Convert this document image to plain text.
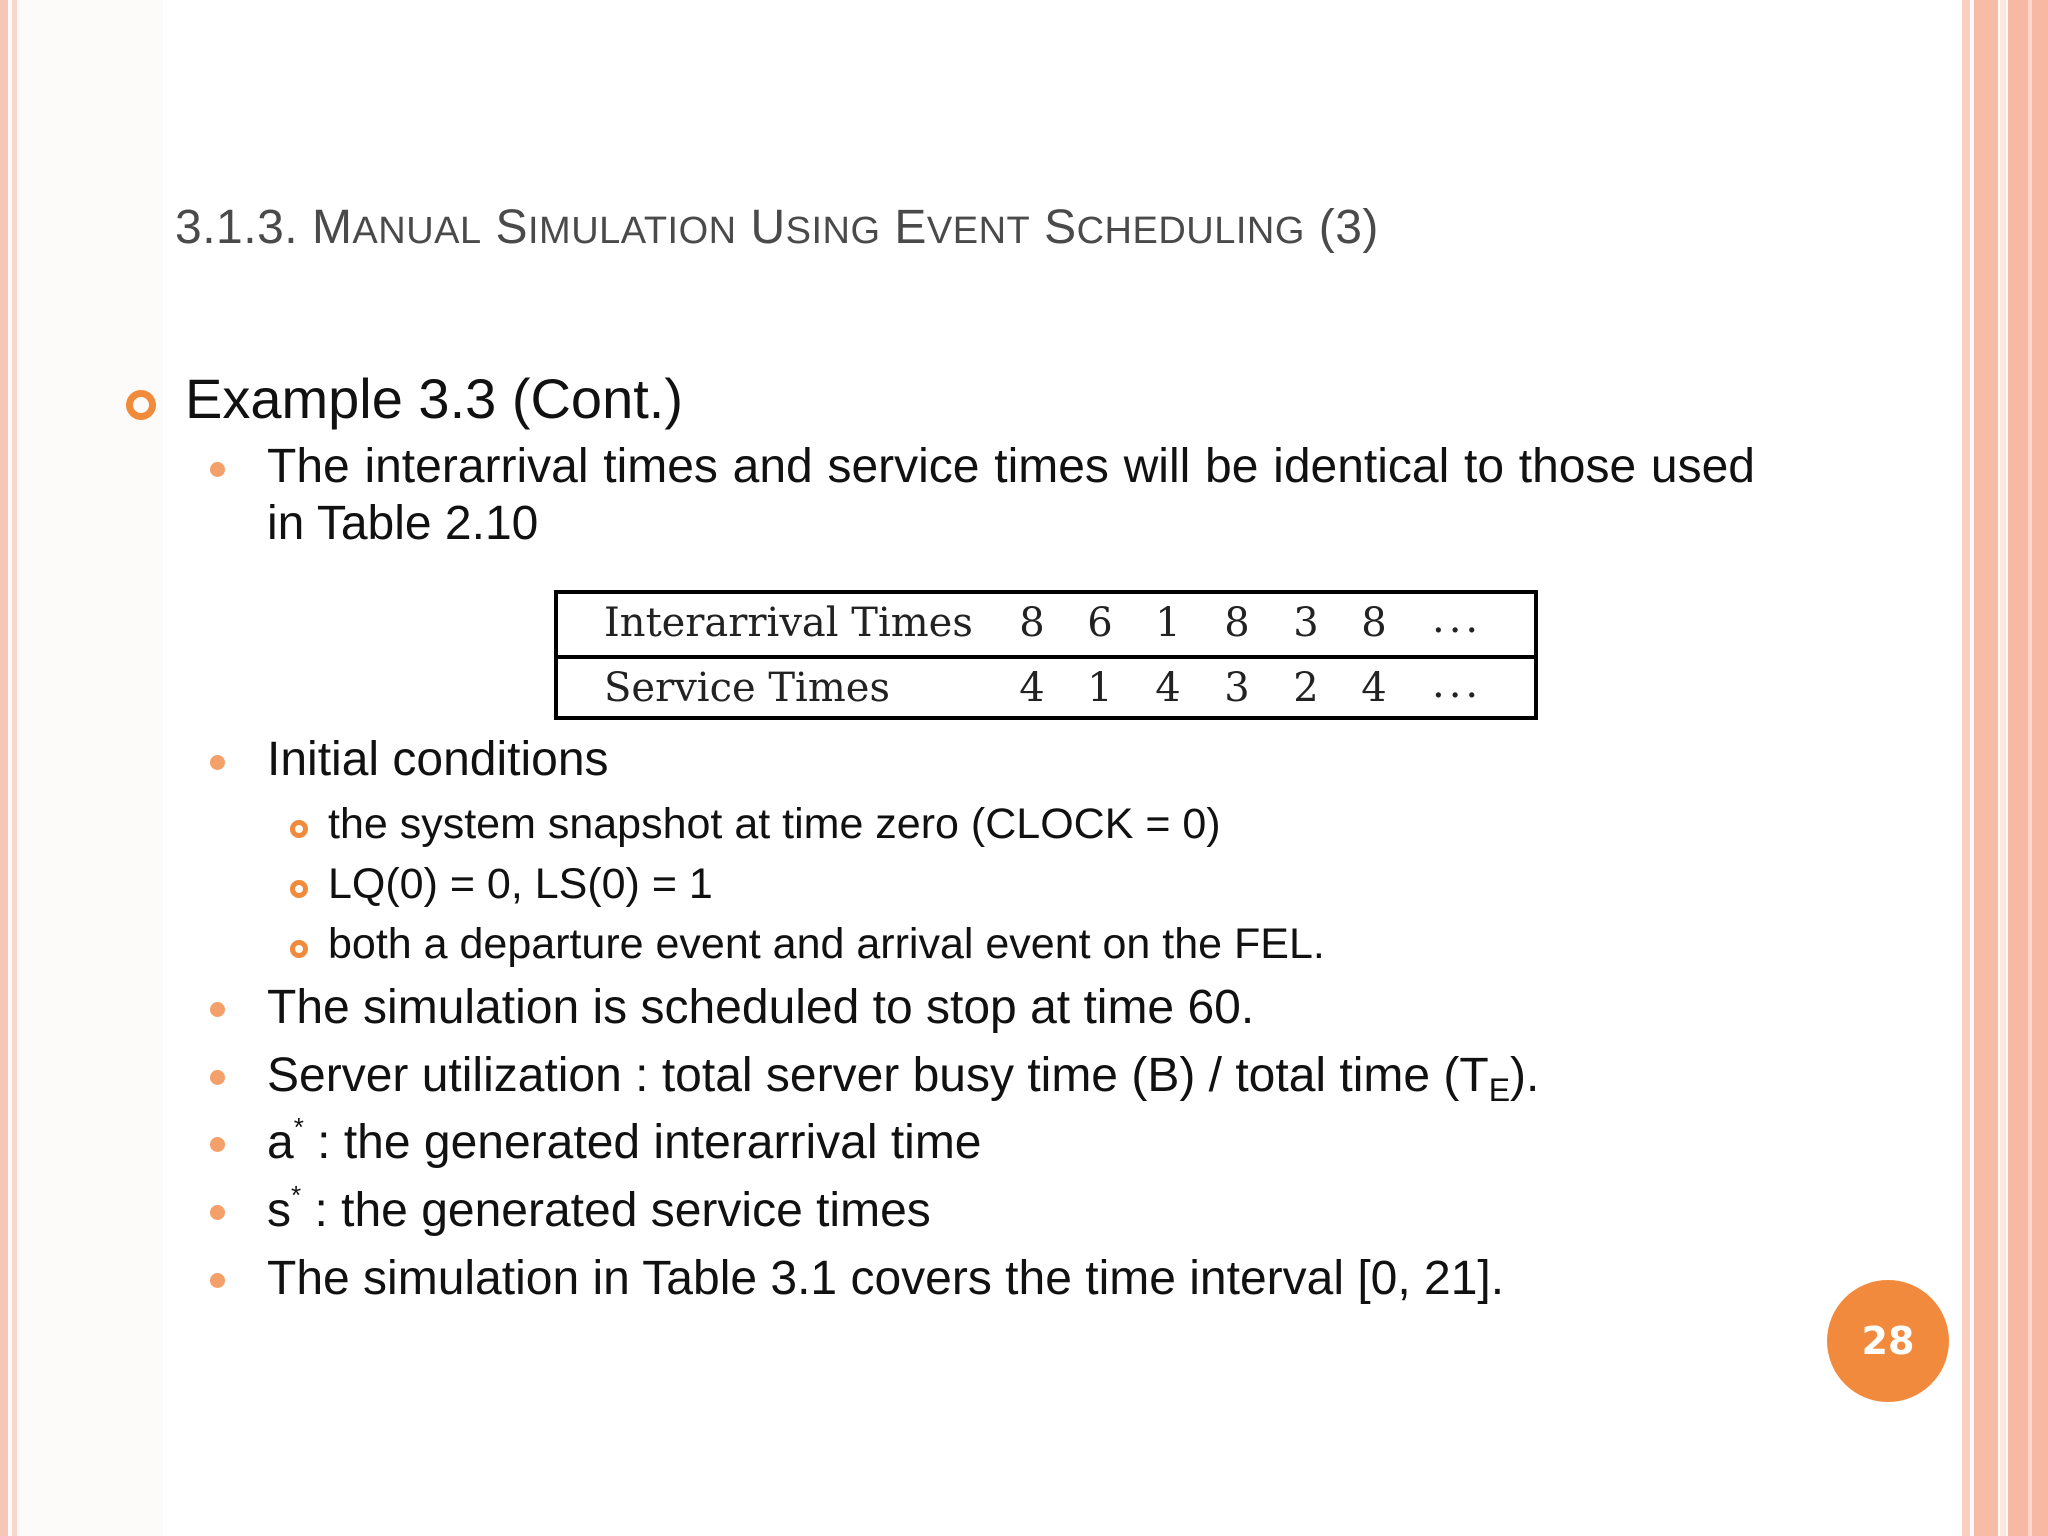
3.1.3. MANUAL SIMULATION USING EVENT SCHEDULING (3)
Example 3.3 (Cont.)
The interarrival times and service times will be identical to those used in Table 2.10
Interarrival Times 8 6 1 8 3 8 ...
Service Times	4 1 4 3 2 4 ...
Initial conditions
the system snapshot at time zero (CLOCK = 0)
LQ(0) = 0, LS(0) = 1
both a departure event and arrival event on the FEL.
The simulation is scheduled to stop at time 60.
Server utilization : total server busy time (B) / total time $(T_E)$.
a* : the generated interarrival time
s* : the generated service times
The simulation in Table 3.1 covers the time interval [0, 21].
28
